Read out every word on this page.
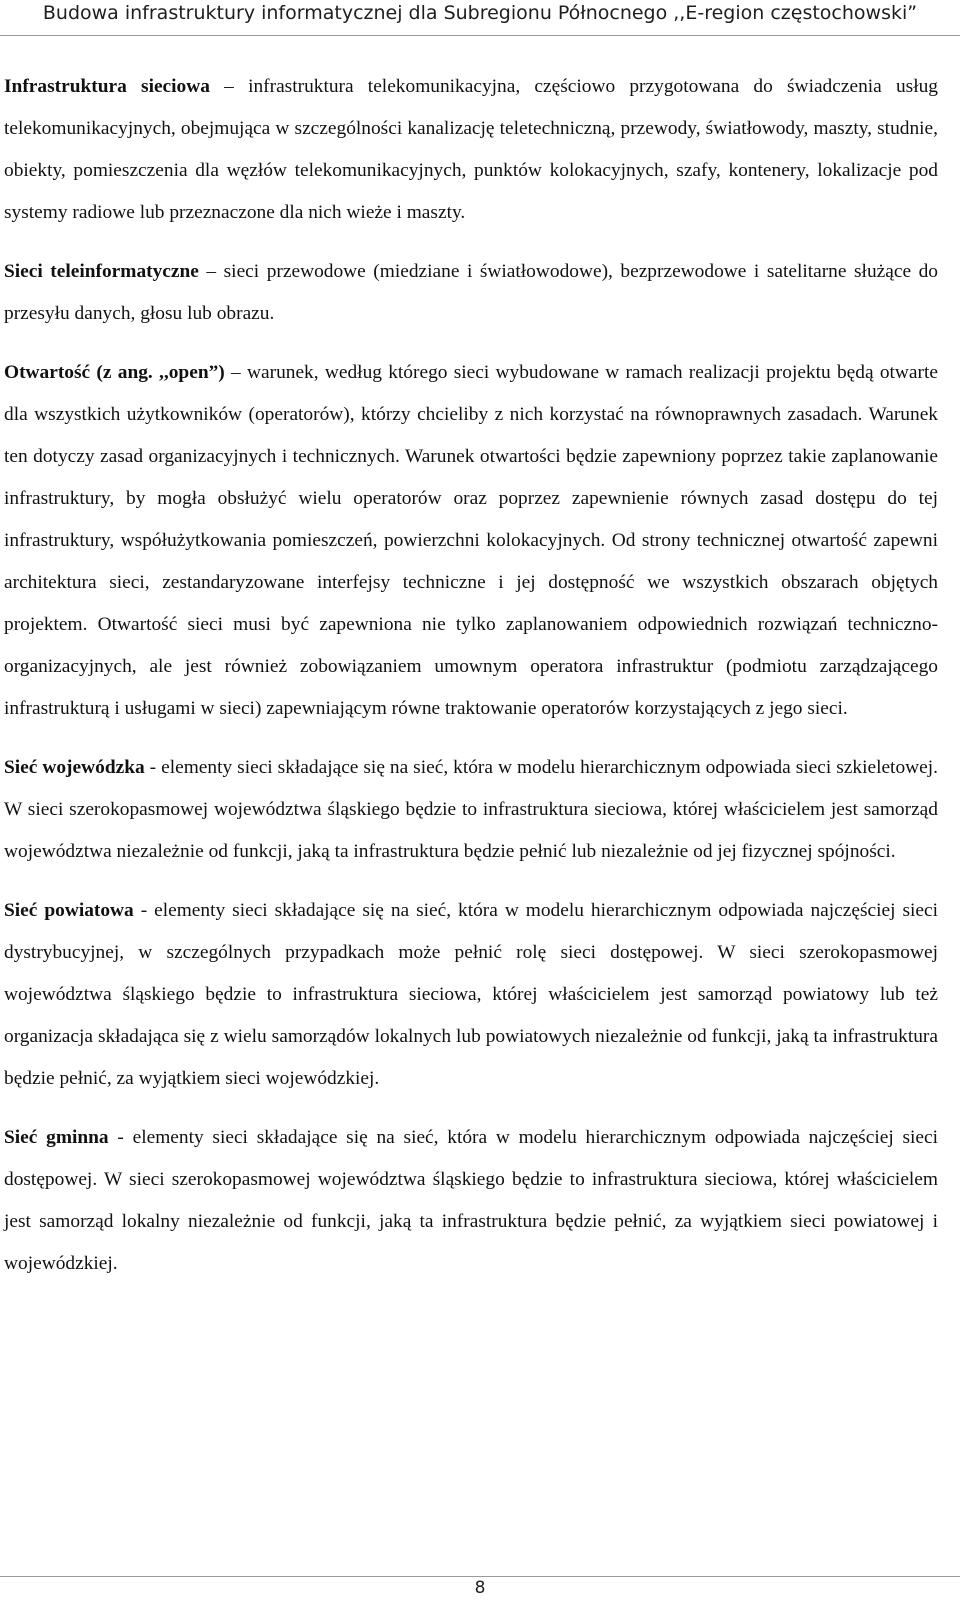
Budowa infrastruktury informatycznej dla Subregionu Północnego ,,E-region częstochowski”

Infrastruktura sieciowa – infrastruktura telekomunikacyjna, częściowo przygotowana do świadczenia usług telekomunikacyjnych, obejmująca w szczególności kanalizację teletechniczną, przewody, światłowody, maszty, studnie, obiekty, pomieszczenia dla węzłów telekomunikacyjnych, punktów kolokacyjnych, szafy, kontenery, lokalizacje pod systemy radiowe lub przeznaczone dla nich wieże i maszty.

Sieci teleinformatyczne – sieci przewodowe (miedziane i światłowodowe), bezprzewodowe i satelitarne służące do przesyłu danych, głosu lub obrazu.

Otwartość (z ang. ,,open”) – warunek, według którego sieci wybudowane w ramach realizacji projektu będą otwarte dla wszystkich użytkowników (operatorów), którzy chcieliby z nich korzystać na równoprawnych zasadach. Warunek ten dotyczy zasad organizacyjnych i technicznych. Warunek otwartości będzie zapewniony poprzez takie zaplanowanie infrastruktury, by mogła obsłużyć wielu operatorów oraz poprzez zapewnienie równych zasad dostępu do tej infrastruktury, współużytkowania pomieszczeń, powierzchni kolokacyjnych. Od strony technicznej otwartość zapewni architektura sieci, zestandaryzowane interfejsy techniczne i jej dostępność we wszystkich obszarach objętych projektem. Otwartość sieci musi być zapewniona nie tylko zaplanowaniem odpowiednich rozwiązań techniczno-organizacyjnych, ale jest również zobowiązaniem umownym operatora infrastruktur (podmiotu zarządzającego infrastrukturą i usługami w sieci) zapewniającym równe traktowanie operatorów korzystających z jego sieci.

Sieć wojewódzka - elementy sieci składające się na sieć, która w modelu hierarchicznym odpowiada sieci szkieletowej. W sieci szerokopasmowej województwa śląskiego będzie to infrastruktura sieciowa, której właścicielem jest samorząd województwa niezależnie od funkcji, jaką ta infrastruktura będzie pełnić lub niezależnie od jej fizycznej spójności.

Sieć powiatowa - elementy sieci składające się na sieć, która w modelu hierarchicznym odpowiada najczęściej sieci dystrybucyjnej, w szczególnych przypadkach może pełnić rolę sieci dostępowej. W sieci szerokopasmowej województwa śląskiego będzie to infrastruktura sieciowa, której właścicielem jest samorząd powiatowy lub też organizacja składająca się z wielu samorządów lokalnych lub powiatowych niezależnie od funkcji, jaką ta infrastruktura będzie pełnić, za wyjątkiem sieci wojewódzkiej.

Sieć gminna - elementy sieci składające się na sieć, która w modelu hierarchicznym odpowiada najczęściej sieci dostępowej. W sieci szerokopasmowej województwa śląskiego będzie to infrastruktura sieciowa, której właścicielem jest samorząd lokalny niezależnie od funkcji, jaką ta infrastruktura będzie pełnić, za wyjątkiem sieci powiatowej i wojewódzkiej.

8
